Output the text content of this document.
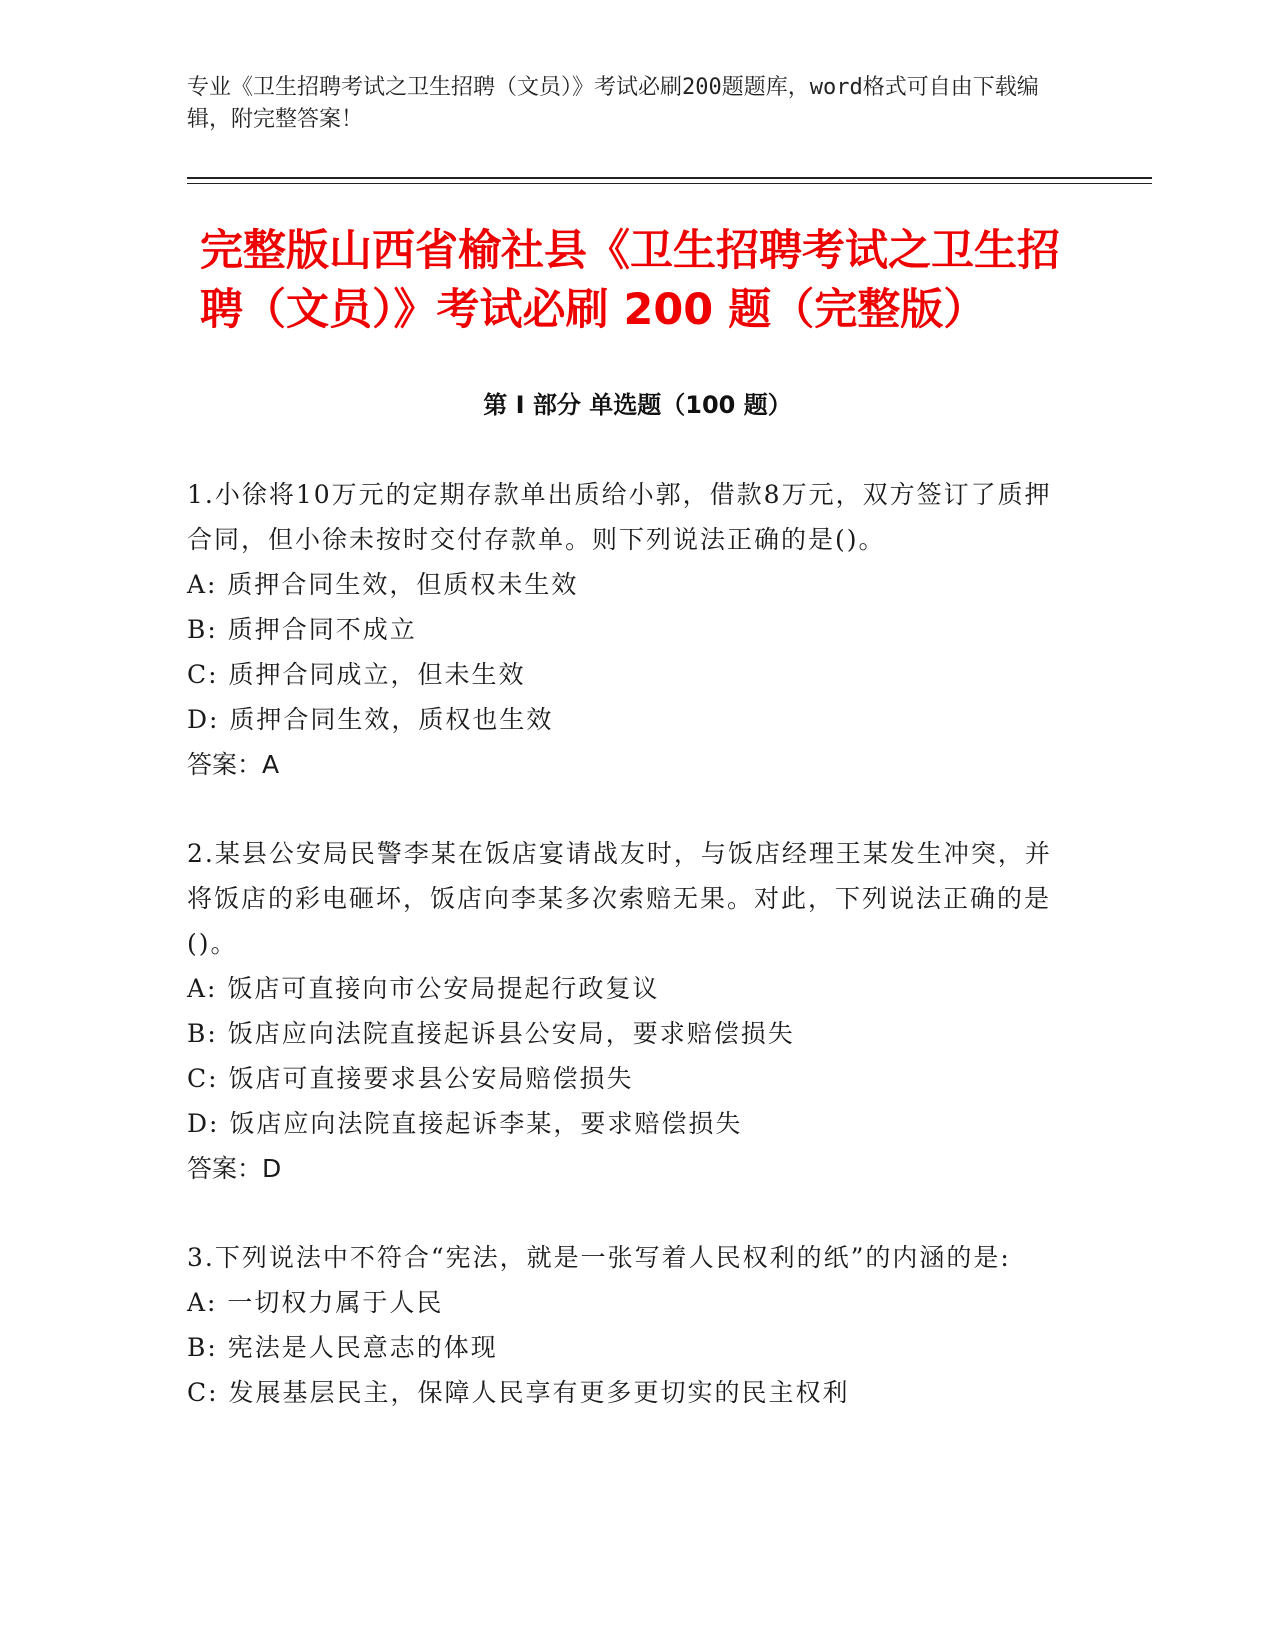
专业《卫生招聘考试之卫生招聘（文员）》考试必刷200题题库，word格式可自由下载编辑，附完整答案！

完整版山西省榆社县《卫生招聘考试之卫生招聘（文员）》考试必刷 200 题（完整版）
第 I 部分 单选题（100 题）

1.小徐将10万元的定期存款单出质给小郭，借款8万元，双方签订了质押合同，但小徐未按时交付存款单。则下列说法正确的是()。

A: 质押合同生效，但质权未生效

B: 质押合同不成立

C: 质押合同成立，但未生效

D: 质押合同生效，质权也生效

答案：A

2.某县公安局民警李某在饭店宴请战友时，与饭店经理王某发生冲突，并将饭店的彩电砸坏，饭店向李某多次索赔无果。对此，下列说法正确的是()。

A: 饭店可直接向市公安局提起行政复议

B: 饭店应向法院直接起诉县公安局，要求赔偿损失

C: 饭店可直接要求县公安局赔偿损失

D: 饭店应向法院直接起诉李某，要求赔偿损失

答案：D

3.下列说法中不符合“宪法，就是一张写着人民权利的纸”的内涵的是:

A: 一切权力属于人民

B: 宪法是人民意志的体现

C: 发展基层民主，保障人民享有更多更切实的民主权利
